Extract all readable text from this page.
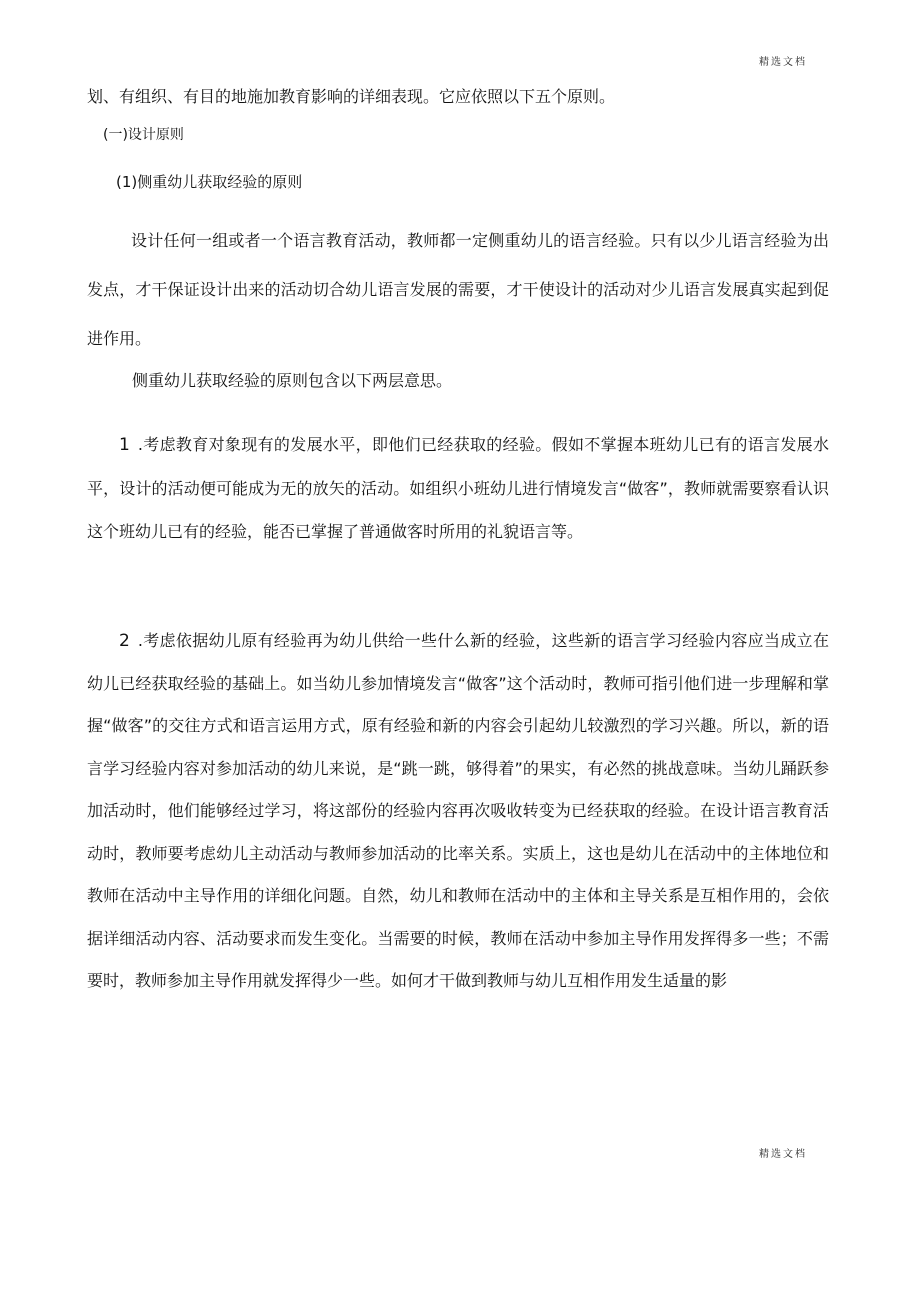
精选文档

划、有组织、有目的地施加教育影响的详细表现。它应依照以下五个原则。

(一)设计原则
(1)侧重幼儿获取经验的原则

设计任何一组或者一个语言教育活动，教师都一定侧重幼儿的语言经验。只有以少儿语言经验为出发点，才干保证设计出来的活动切合幼儿语言发展的需要，才干使设计的活动对少儿语言发展真实起到促进作用。

侧重幼儿获取经验的原则包含以下两层意思。

1 .考虑教育对象现有的发展水平，即他们已经获取的经验。假如不掌握本班幼儿已有的语言发展水平，设计的活动便可能成为无的放矢的活动。如组织小班幼儿进行情境发言“做客”，教师就需要察看认识这个班幼儿已有的经验，能否已掌握了普通做客时所用的礼貌语言等。

2 .考虑依据幼儿原有经验再为幼儿供给一些什么新的经验，这些新的语言学习经验内容应当成立在幼儿已经获取经验的基础上。如当幼儿参加情境发言“做客”这个活动时，教师可指引他们进一步理解和掌握“做客”的交往方式和语言运用方式，原有经验和新的内容会引起幼儿较激烈的学习兴趣。所以，新的语言学习经验内容对参加活动的幼儿来说，是“跳一跳，够得着”的果实，有必然的挑战意味。当幼儿踊跃参加活动时，他们能够经过学习，将这部份的经验内容再次吸收转变为已经获取的经验。在设计语言教育活动时，教师要考虑幼儿主动活动与教师参加活动的比率关系。实质上，这也是幼儿在活动中的主体地位和教师在活动中主导作用的详细化问题。自然，幼儿和教师在活动中的主体和主导关系是互相作用的，会依据详细活动内容、活动要求而发生变化。当需要的时候，教师在活动中参加主导作用发挥得多一些；不需要时，教师参加主导作用就发挥得少一些。如何才干做到教师与幼儿互相作用发生适量的影

精选文档
